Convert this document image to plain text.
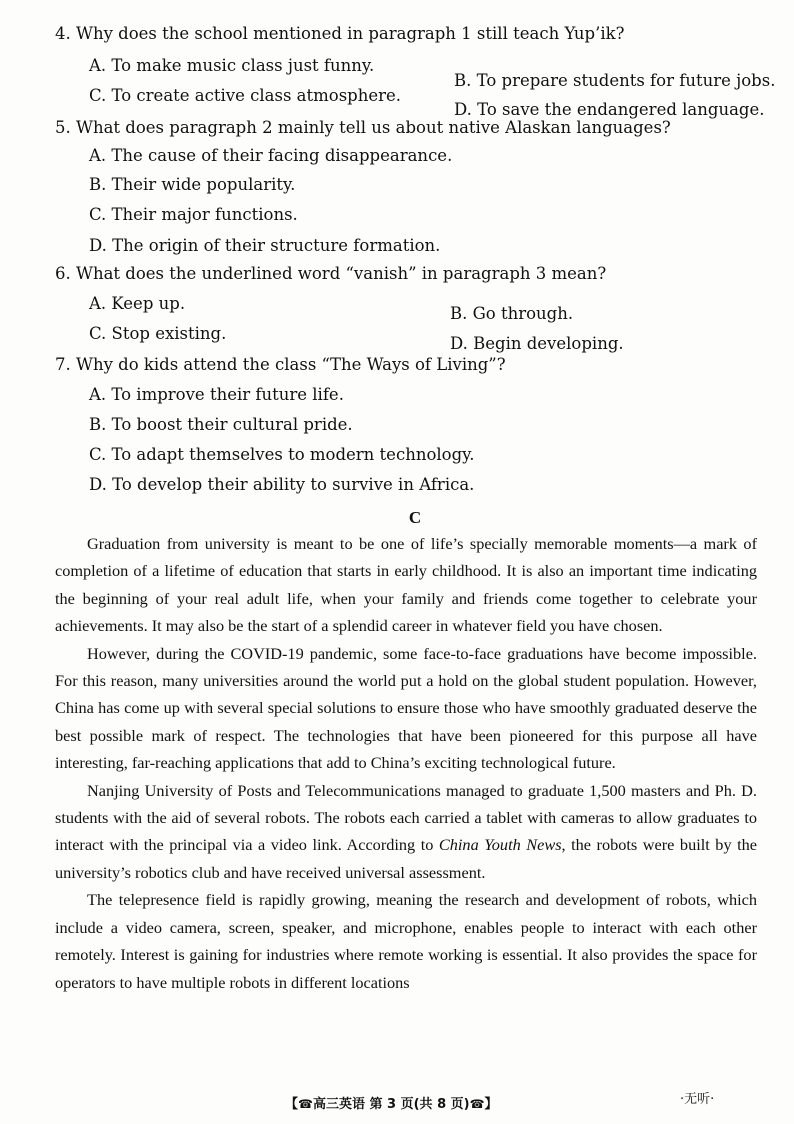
4. Why does the school mentioned in paragraph 1 still teach Yup’ik?
A. To make music class just funny.
B. To prepare students for future jobs.
C. To create active class atmosphere.
D. To save the endangered language.
5. What does paragraph 2 mainly tell us about native Alaskan languages?
A. The cause of their facing disappearance.
B. Their wide popularity.
C. Their major functions.
D. The origin of their structure formation.
6. What does the underlined word “vanish” in paragraph 3 mean?
A. Keep up.
B. Go through.
C. Stop existing.
D. Begin developing.
7. Why do kids attend the class “The Ways of Living”?
A. To improve their future life.
B. To boost their cultural pride.
C. To adapt themselves to modern technology.
D. To develop their ability to survive in Africa.
C

Graduation from university is meant to be one of life’s specially memorable moments—a mark of completion of a lifetime of education that starts in early childhood. It is also an important time indicating the beginning of your real adult life, when your family and friends come together to celebrate your achievements. It may also be the start of a splendid career in whatever field you have chosen.

However, during the COVID-19 pandemic, some face-to-face graduations have become impossible. For this reason, many universities around the world put a hold on the global student population. However, China has come up with several special solutions to ensure those who have smoothly graduated deserve the best possible mark of respect. The technologies that have been pioneered for this purpose all have interesting, far-reaching applications that add to China’s exciting technological future.

Nanjing University of Posts and Telecommunications managed to graduate 1,500 masters and Ph. D. students with the aid of several robots. The robots each carried a tablet with cameras to allow graduates to interact with the principal via a video link. According to China Youth News, the robots were built by the university’s robotics club and have received universal assessment.

The telepresence field is rapidly growing, meaning the research and development of robots, which include a video camera, screen, speaker, and microphone, enables people to interact with each other remotely. Interest is gaining for industries where remote working is essential. It also provides the space for operators to have multiple robots in different locations

【☎高三英语 第 3 页(共 8 页)☎】	·无听·
